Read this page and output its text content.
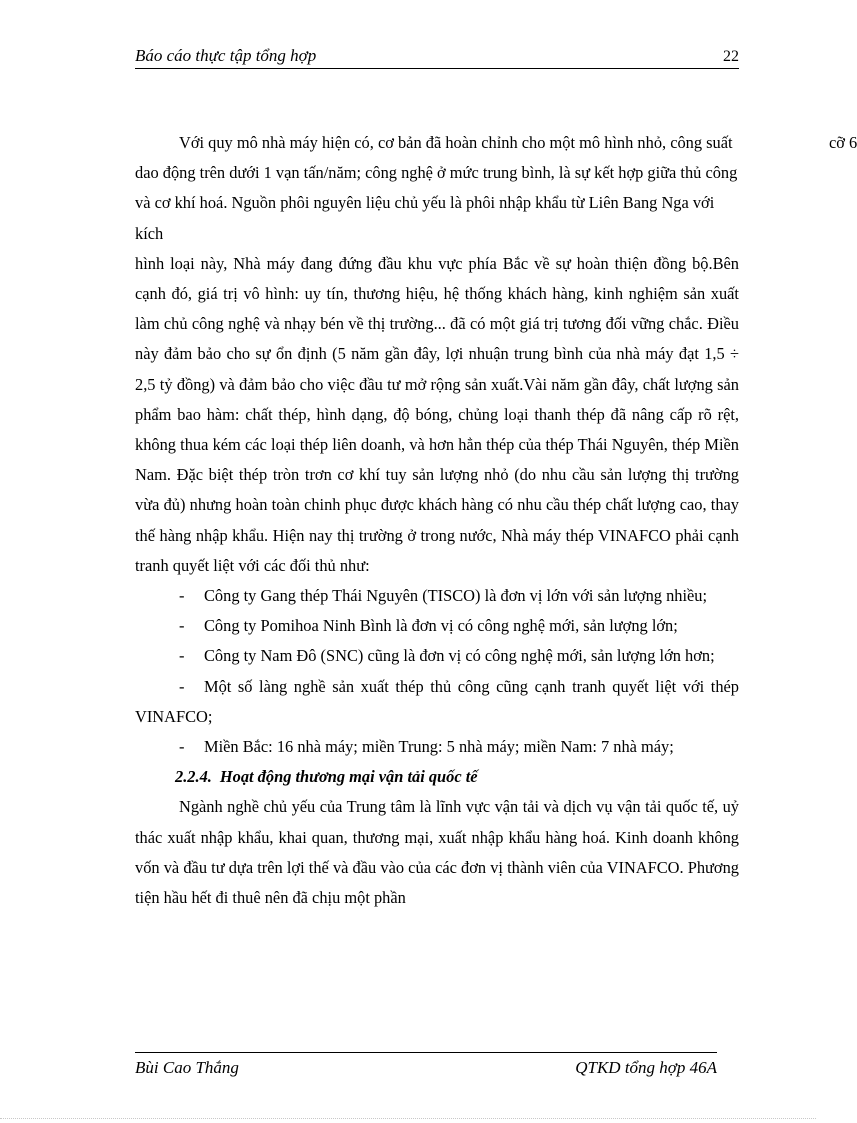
Báo cáo thực tập tổng hợp	22

Với quy mô nhà máy hiện có, cơ bản đã hoàn chỉnh cho một mô hình nhỏ, công suất dao động trên dưới 1 vạn tấn/năm; công nghệ ở mức trung bình, là sự kết hợp giữa thủ công và cơ khí hoá. Nguồn phôi nguyên liệu chủ yếu là phôi nhập khẩu từ Liên Bang Nga với kích
cỡ 6

hình loại này, Nhà máy đang đứng đầu khu vực phía Bắc về sự hoàn thiện đồng bộ.Bên cạnh đó, giá trị vô hình: uy tín, thương hiệu, hệ thống khách hàng, kinh nghiệm sản xuất làm chủ công nghệ và nhạy bén về thị trường... đã có một giá trị tương đối vững chắc. Điều này đảm bảo cho sự ổn định (5 năm gần đây, lợi nhuận trung bình của nhà máy đạt 1,5 ÷ 2,5 tỷ đồng) và đảm bảo cho việc đầu tư mở rộng sản xuất.Vài năm gần đây, chất lượng sản phẩm bao hàm: chất thép, hình dạng, độ bóng, chủng loại thanh thép đã nâng cấp rõ rệt, không thua kém các loại thép liên doanh, và hơn hẳn thép của thép Thái Nguyên, thép Miền Nam. Đặc biệt thép tròn trơn cơ khí tuy sản lượng nhỏ (do nhu cầu sản lượng thị trường vừa đủ) nhưng hoàn toàn chinh phục được khách hàng có nhu cầu thép chất lượng cao, thay thế hàng nhập khẩu. Hiện nay thị trường ở trong nước, Nhà máy thép VINAFCO phải cạnh tranh quyết liệt với các đối thủ như:

- Công ty Gang thép Thái Nguyên (TISCO) là đơn vị lớn với sản lượng nhiều;

- Công ty Pomihoa Ninh Bình là đơn vị có công nghệ mới, sản lượng lớn;

- Công ty Nam Đô (SNC) cũng là đơn vị có công nghệ mới, sản lượng lớn hơn;

- Một số làng nghề sản xuất thép thủ công cũng cạnh tranh quyết liệt với thép VINAFCO;

- Miền Bắc: 16 nhà máy; miền Trung: 5 nhà máy; miền Nam: 7 nhà máy;

2.2.4. Hoạt động thương mại vận tải quốc tế

Ngành nghề chủ yếu của Trung tâm là lĩnh vực vận tải và dịch vụ vận tải quốc tế, uỷ thác xuất nhập khẩu, khai quan, thương mại, xuất nhập khẩu hàng hoá. Kinh doanh không vốn và đầu tư dựa trên lợi thế và đầu vào của các đơn vị thành viên của VINAFCO. Phương tiện hầu hết đi thuê nên đã chịu một phần

Bùi Cao Thắng	QTKD tổng hợp 46A
